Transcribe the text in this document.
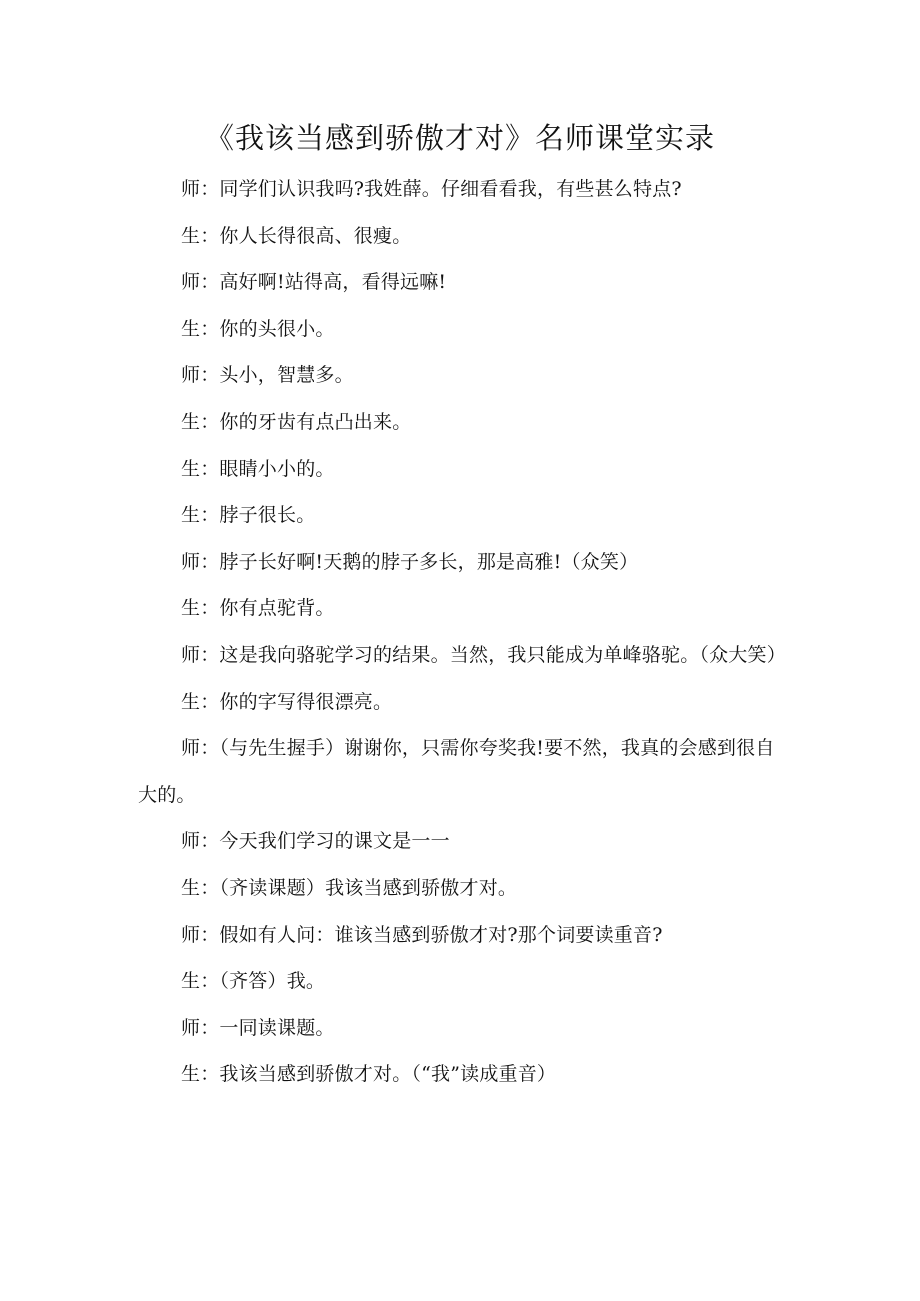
《我该当感到骄傲才对》名师课堂实录

师：同学们认识我吗?我姓薛。仔细看看我，有些甚么特点?

生：你人长得很高、很瘦。

师：高好啊!站得高，看得远嘛!

生：你的头很小。

师：头小，智慧多。

生：你的牙齿有点凸出来。

生：眼睛小小的。

生：脖子很长。

师：脖子长好啊!天鹅的脖子多长，那是高雅!（众笑）

生：你有点驼背。

师：这是我向骆驼学习的结果。当然，我只能成为单峰骆驼。（众大笑）

生：你的字写得很漂亮。

师：（与先生握手）谢谢你，只需你夸奖我!要不然，我真的会感到很自大的。

师：今天我们学习的课文是一一

生：（齐读课题）我该当感到骄傲才对。

师：假如有人问：谁该当感到骄傲才对?那个词要读重音?

生：（齐答）我。

师：一同读课题。

生：我该当感到骄傲才对。（“我”读成重音）
